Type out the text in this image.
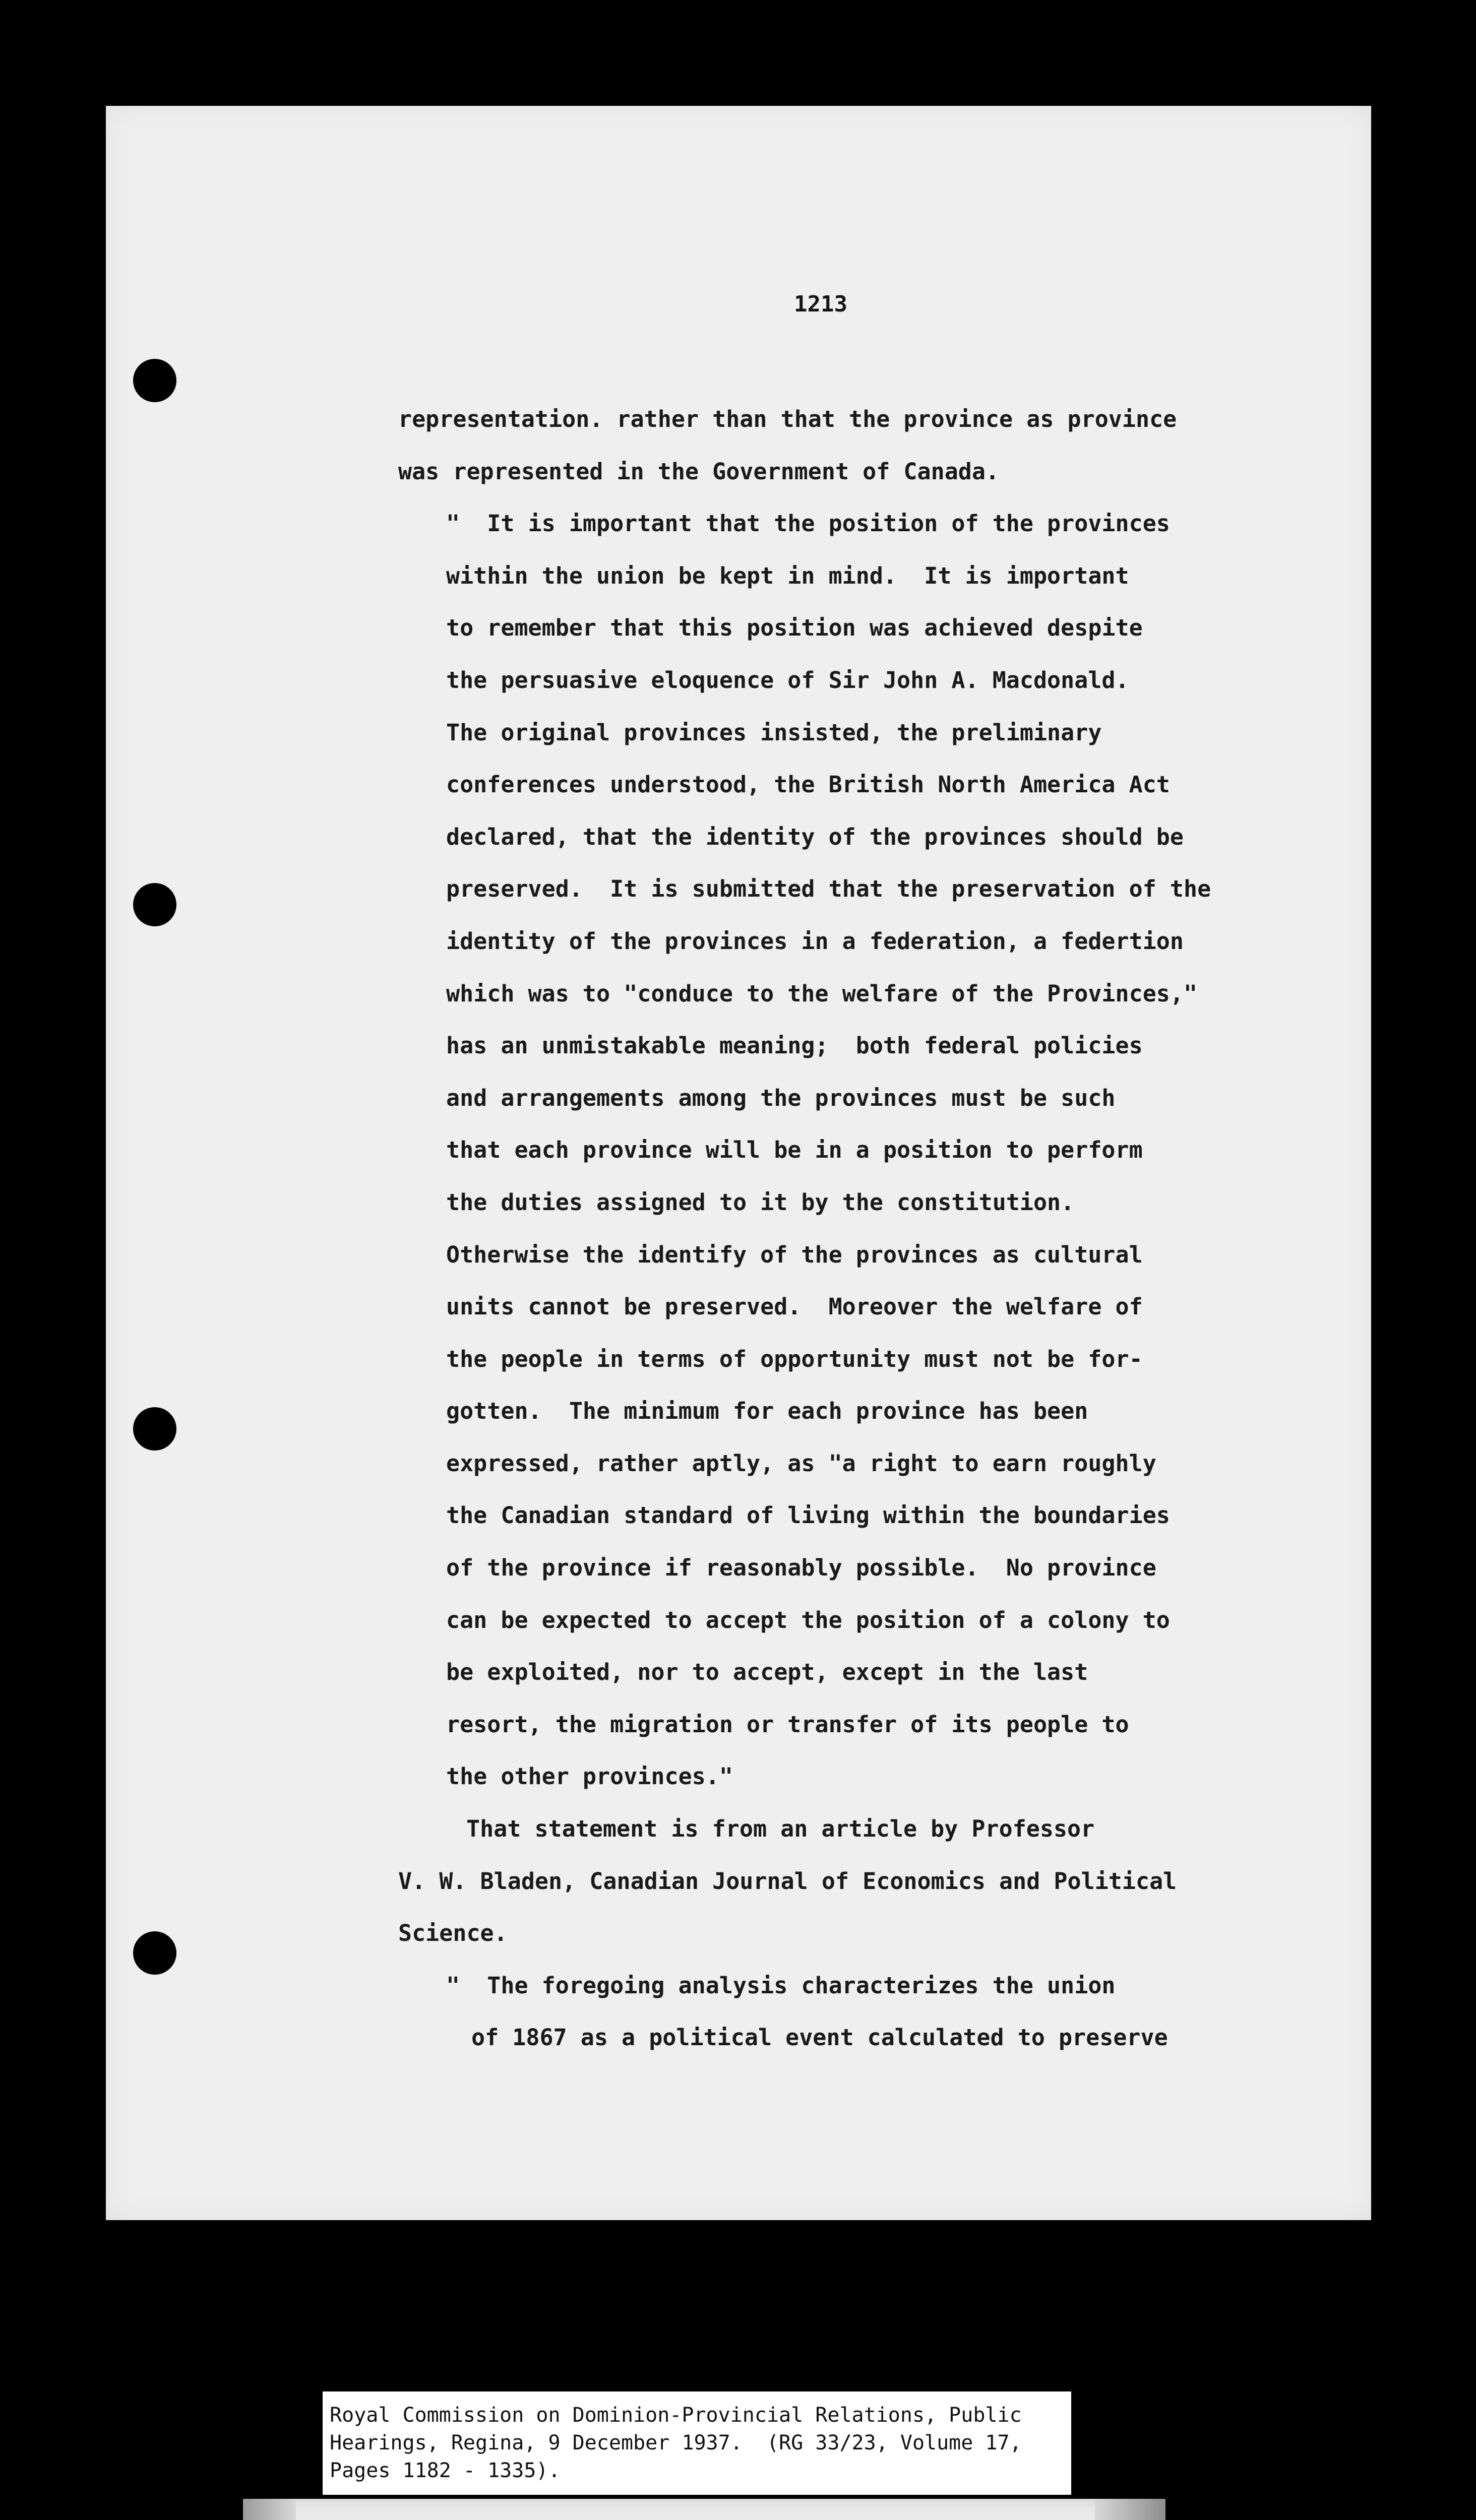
1213
representation. rather than that the province as province
was represented in the Government of Canada.
"  It is important that the position of the provinces
within the union be kept in mind.  It is important
to remember that this position was achieved despite
the persuasive eloquence of Sir John A. Macdonald.
The original provinces insisted, the preliminary
conferences understood, the British North America Act
declared, that the identity of the provinces should be
preserved.  It is submitted that the preservation of the
identity of the provinces in a federation, a federtion
which was to "conduce to the welfare of the Provinces,"
has an unmistakable meaning;  both federal policies
and arrangements among the provinces must be such
that each province will be in a position to perform
the duties assigned to it by the constitution.
Otherwise the identify of the provinces as cultural
units cannot be preserved.  Moreover the welfare of
the people in terms of opportunity must not be for-
gotten.  The minimum for each province has been
expressed, rather aptly, as "a right to earn roughly
the Canadian standard of living within the boundaries
of the province if reasonably possible.  No province
can be expected to accept the position of a colony to
be exploited, nor to accept, except in the last
resort, the migration or transfer of its people to
the other provinces."
That statement is from an article by Professor
V. W. Bladen, Canadian Journal of Economics and Political
Science.
"  The foregoing analysis characterizes the union
of 1867 as a political event calculated to preserve
Royal Commission on Dominion-Provincial Relations, Public
Hearings, Regina, 9 December 1937.  (RG 33/23, Volume 17,
Pages 1182 - 1335).
